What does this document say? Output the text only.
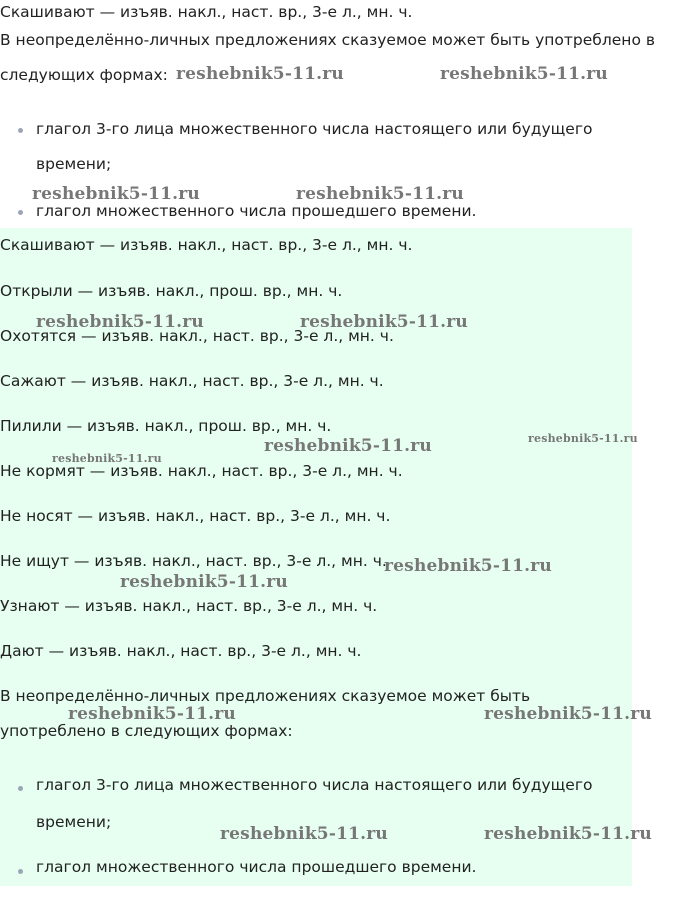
Скашивают — изъяв. накл., наст. вр., 3-е л., мн. ч.

В неопределённо-личных предложениях сказуемое может быть употреблено в

следующих формах:

глагол 3-го лица множественного числа настоящего или будущего

времени;

глагол множественного числа прошедшего времени.

Скашивают — изъяв. накл., наст. вр., 3-е л., мн. ч.

Открыли — изъяв. накл., прош. вр., мн. ч.

Охотятся — изъяв. накл., наст. вр., 3-е л., мн. ч.

Сажают — изъяв. накл., наст. вр., 3-е л., мн. ч.

Пилили — изъяв. накл., прош. вр., мн. ч.

Не кормят — изъяв. накл., наст. вр., 3-е л., мн. ч.

Не носят — изъяв. накл., наст. вр., 3-е л., мн. ч.

Не ищут — изъяв. накл., наст. вр., 3-е л., мн. ч.

Узнают — изъяв. накл., наст. вр., 3-е л., мн. ч.

Дают — изъяв. накл., наст. вр., 3-е л., мн. ч.

В неопределённо-личных предложениях сказуемое может быть

употреблено в следующих формах:

глагол 3-го лица множественного числа настоящего или будущего

времени;

глагол множественного числа прошедшего времени.

reshebnik5-11.ru	reshebnik5-11.ru
reshebnik5-11.ru	reshebnik5-11.ru
reshebnik5-11.ru	reshebnik5-11.ru
reshebnik5-11.ru	reshebnik5-11.ru
reshebnik5-11.ru
reshebnik5-11.ru
reshebnik5-11.ru
reshebnik5-11.ru	reshebnik5-11.ru
reshebnik5-11.ru	reshebnik5-11.ru
